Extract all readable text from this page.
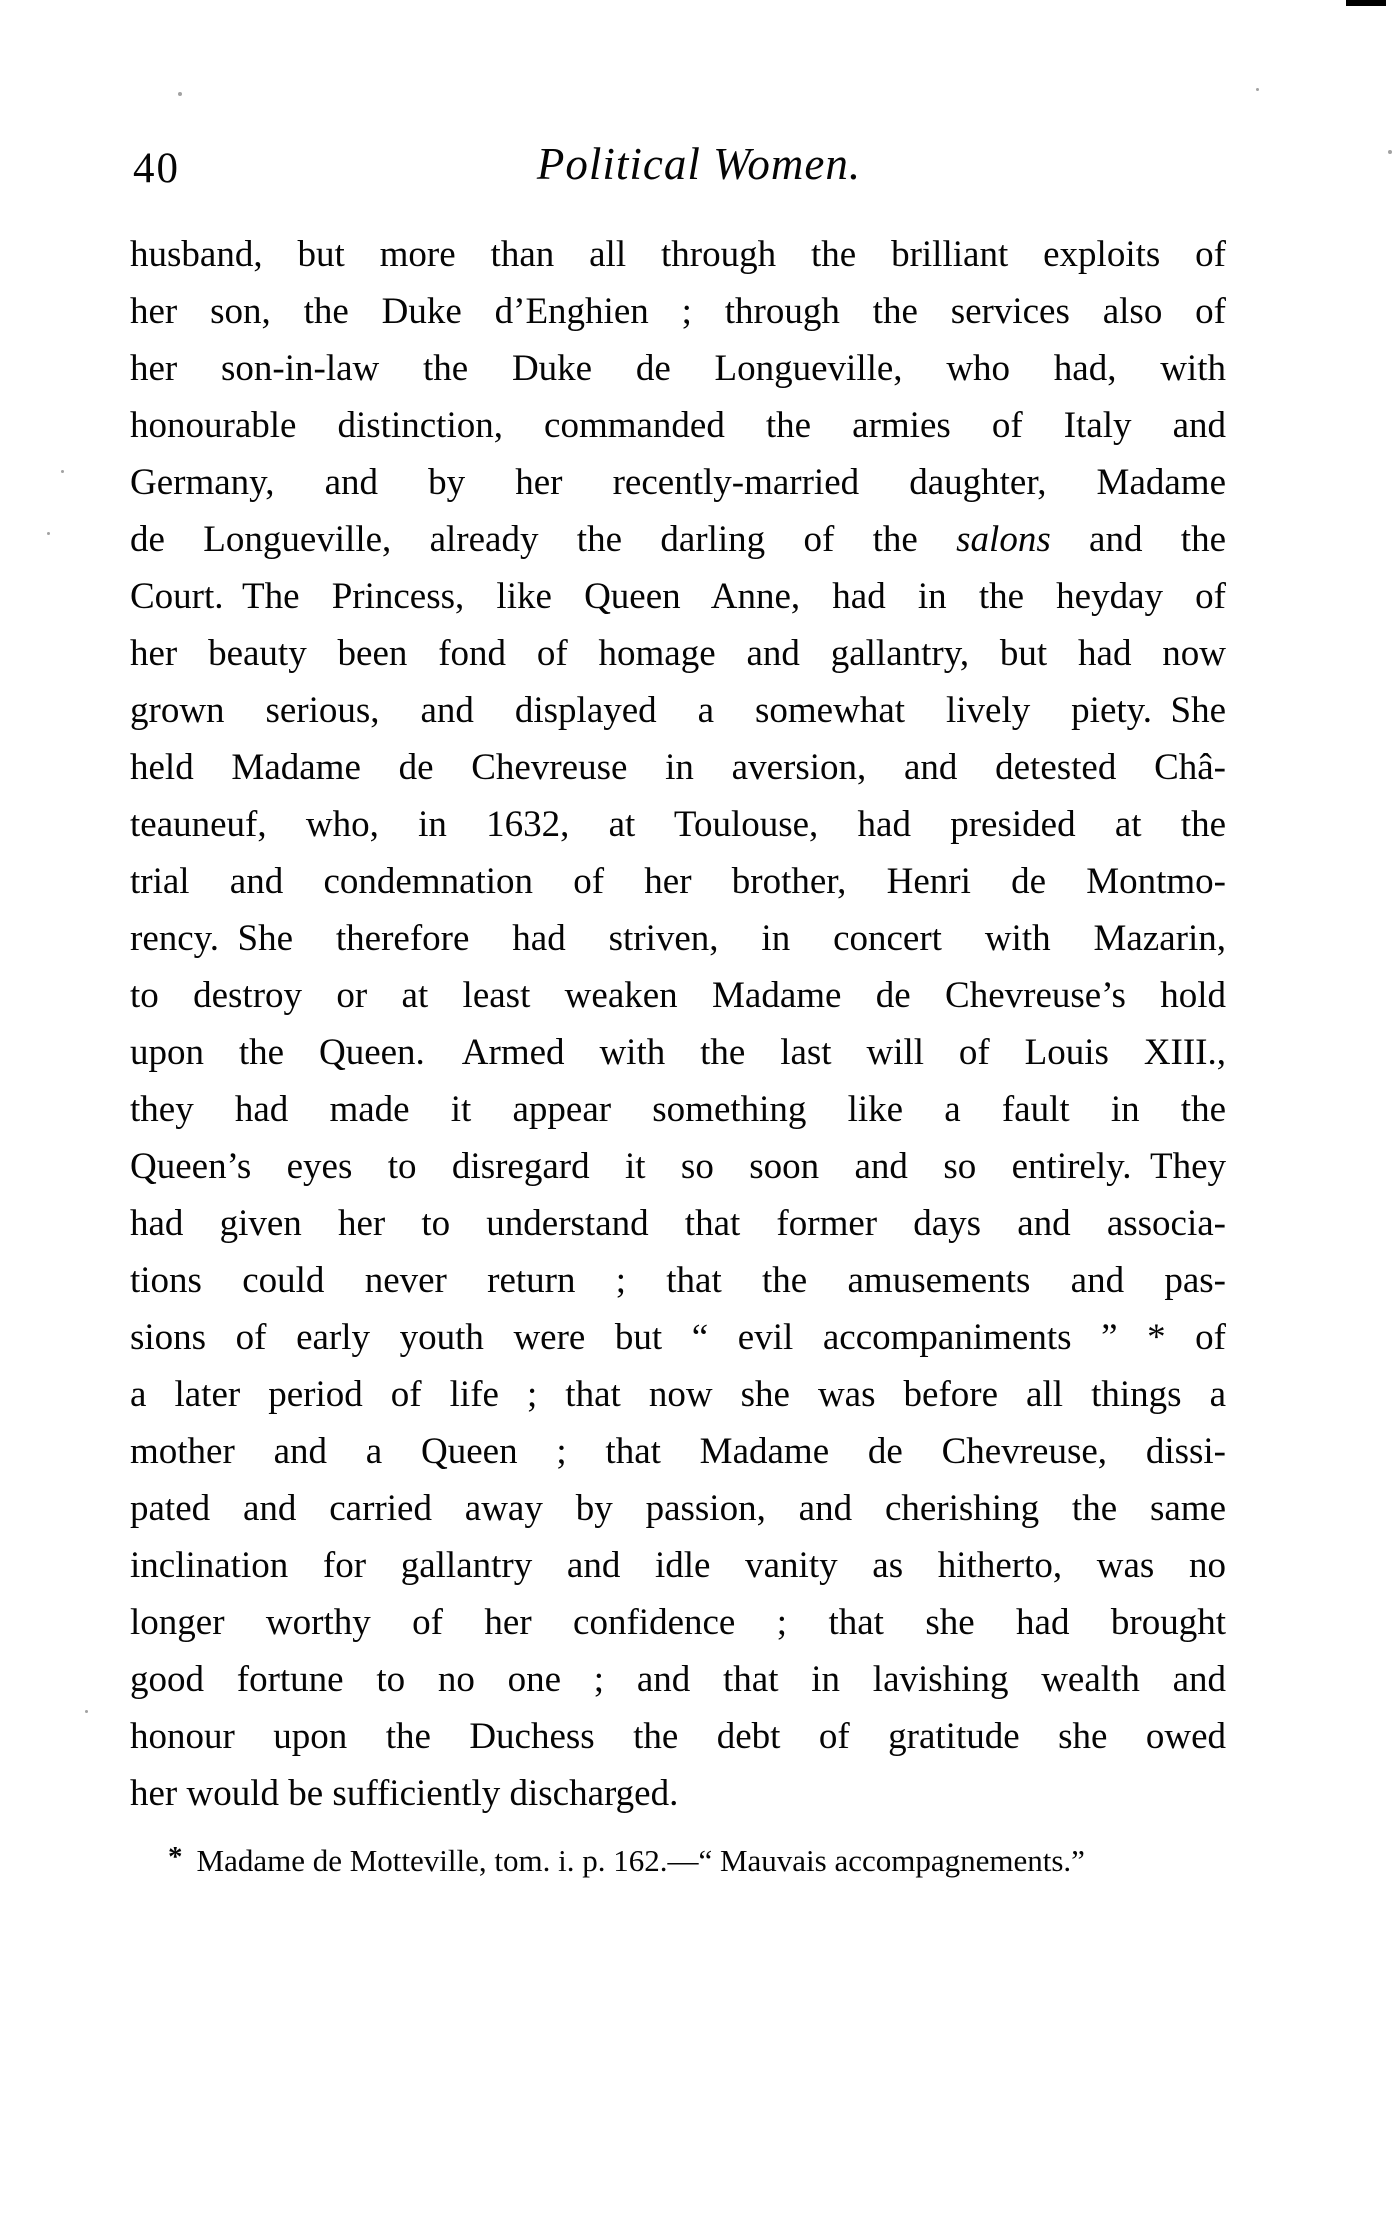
40	Political Women.
husband, but more than all through the brilliant exploits of
her son, the Duke d’Enghien ; through the services also of
her son-in-law the Duke de Longueville, who had, with
honourable distinction, commanded the armies of Italy and
Germany, and by her recently-married daughter, Madame
de Longueville, already the darling of the salons and the
Court. The Princess, like Queen Anne, had in the heyday of
her beauty been fond of homage and gallantry, but had now
grown serious, and displayed a somewhat lively piety. She
held Madame de Chevreuse in aversion, and detested Châ-
teauneuf, who, in 1632, at Toulouse, had presided at the
trial and condemnation of her brother, Henri de Montmo-
rency. She therefore had striven, in concert with Mazarin,
to destroy or at least weaken Madame de Chevreuse’s hold
upon the Queen.  Armed with the last will of Louis XIII.,
they had made it appear something like a fault in the
Queen’s eyes to disregard it so soon and so entirely. They
had given her to understand that former days and associa-
tions could never return ; that the amusements and pas-
sions of early youth were but “ evil accompaniments ” * of
a later period of life ; that now she was before all things a
mother and a Queen ; that Madame de Chevreuse, dissi-
pated and carried away by passion, and cherishing the same
inclination for gallantry and idle vanity as hitherto, was no
longer worthy of her confidence ; that she had brought
good fortune to no one ; and that in lavishing wealth and
honour upon the Duchess the debt of gratitude she owed
her would be sufficiently discharged.
* Madame de Motteville, tom. i. p. 162.—“ Mauvais accompagnements.”
